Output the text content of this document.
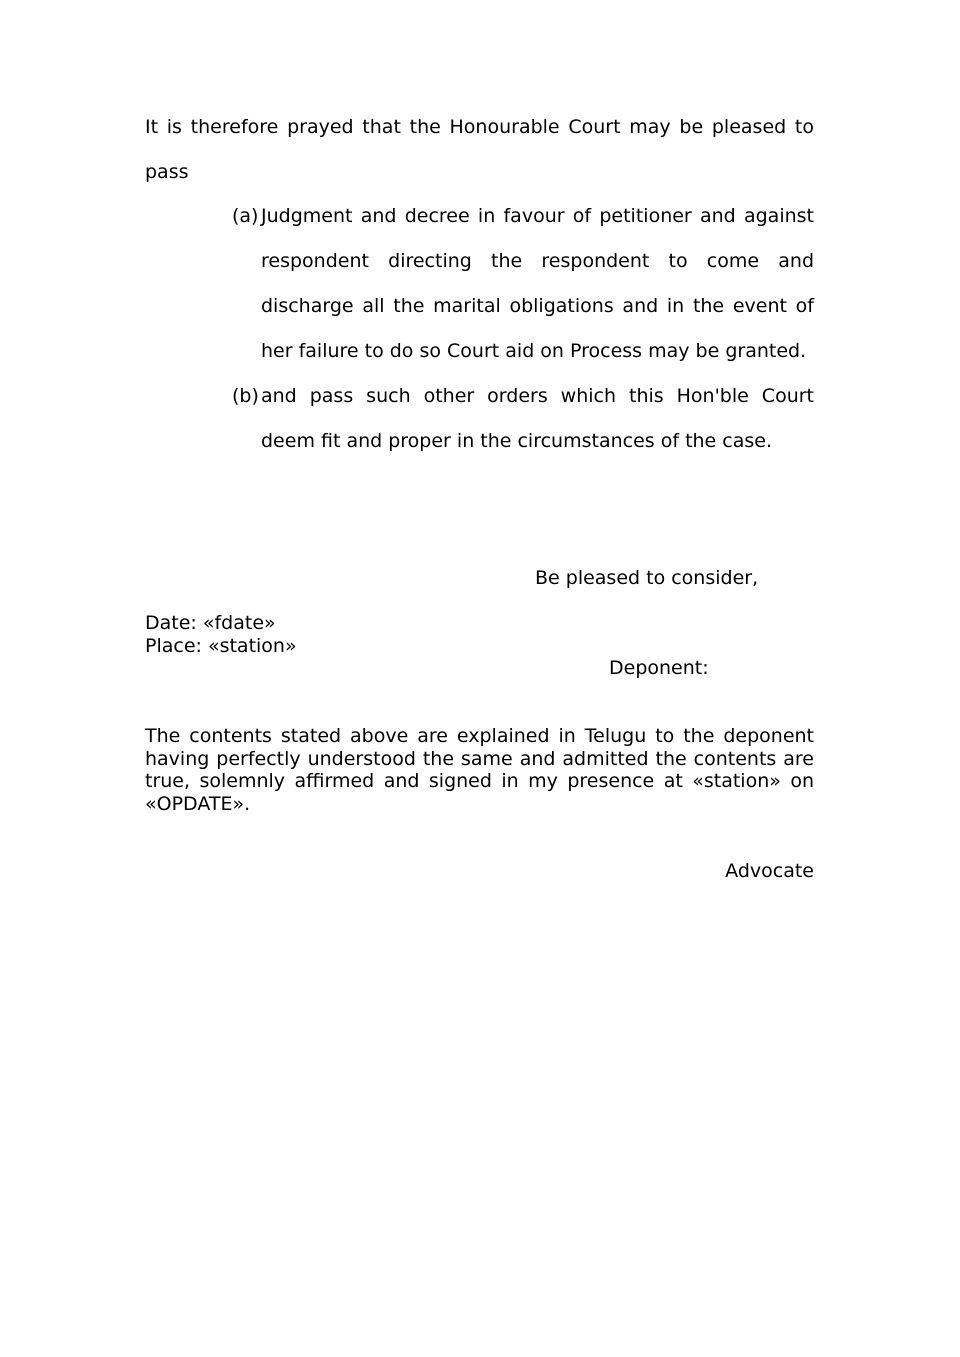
It is therefore prayed that the Honourable Court may be pleased to pass

(a) Judgment and decree in favour of petitioner and against respondent directing the respondent to come and discharge all the marital obligations and in the event of her failure to do so Court aid on Process may be granted.
(b) and pass such other orders which this Hon'ble Court deem fit and proper in the circumstances of the case.

Be pleased to consider,

Date: «fdate»

Place: «station»

Deponent:

The contents stated above are explained in Telugu to the deponent having perfectly understood the same and admitted the contents are true, solemnly affirmed and signed in my presence at «station» on «OPDATE».

Advocate
